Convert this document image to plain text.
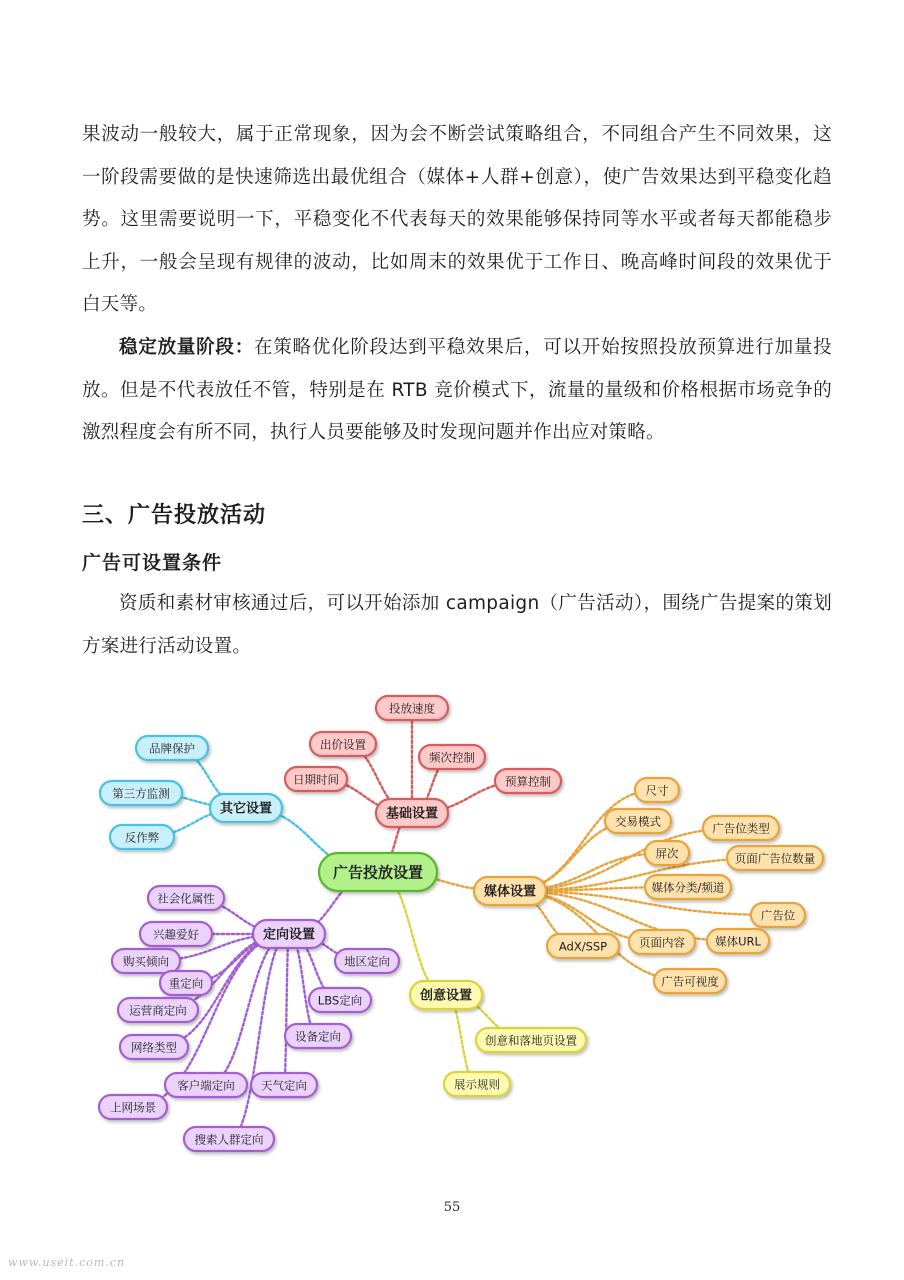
果波动一般较大，属于正常现象，因为会不断尝试策略组合，不同组合产生不同效果，这一阶段需要做的是快速筛选出最优组合（媒体+人群+创意），使广告效果达到平稳变化趋势。这里需要说明一下，平稳变化不代表每天的效果能够保持同等水平或者每天都能稳步上升，一般会呈现有规律的波动，比如周末的效果优于工作日、晚高峰时间段的效果优于白天等。

稳定放量阶段：在策略优化阶段达到平稳效果后，可以开始按照投放预算进行加量投放。但是不代表放任不管，特别是在 RTB 竞价模式下，流量的量级和价格根据市场竞争的激烈程度会有所不同，执行人员要能够及时发现问题并作出应对策略。

三、广告投放活动
广告可设置条件

资质和素材审核通过后，可以开始添加 campaign（广告活动），围绕广告提案的策划方案进行活动设置。

投放速度
出价设置
频次控制
日期时间	预算控制
品牌保护
第三方监测
反作弊
尺寸
交易模式	广告位类型
屏次	页面广告位数量
媒体分类/频道
广告位
AdX/SSP	页面内容	媒体URL
广告可视度
社会化属性
兴趣爱好
购买倾向
重定向
运营商定向
网络类型
客户端定向
上网场景
天气定向
搜索人群定向
地区定向
LBS定向
设备定向	创意和落地页设置
展示规则
基础设置
其它设置
媒体设置
定向设置
创意设置
广告投放设置
55
www.useit.com.cn
